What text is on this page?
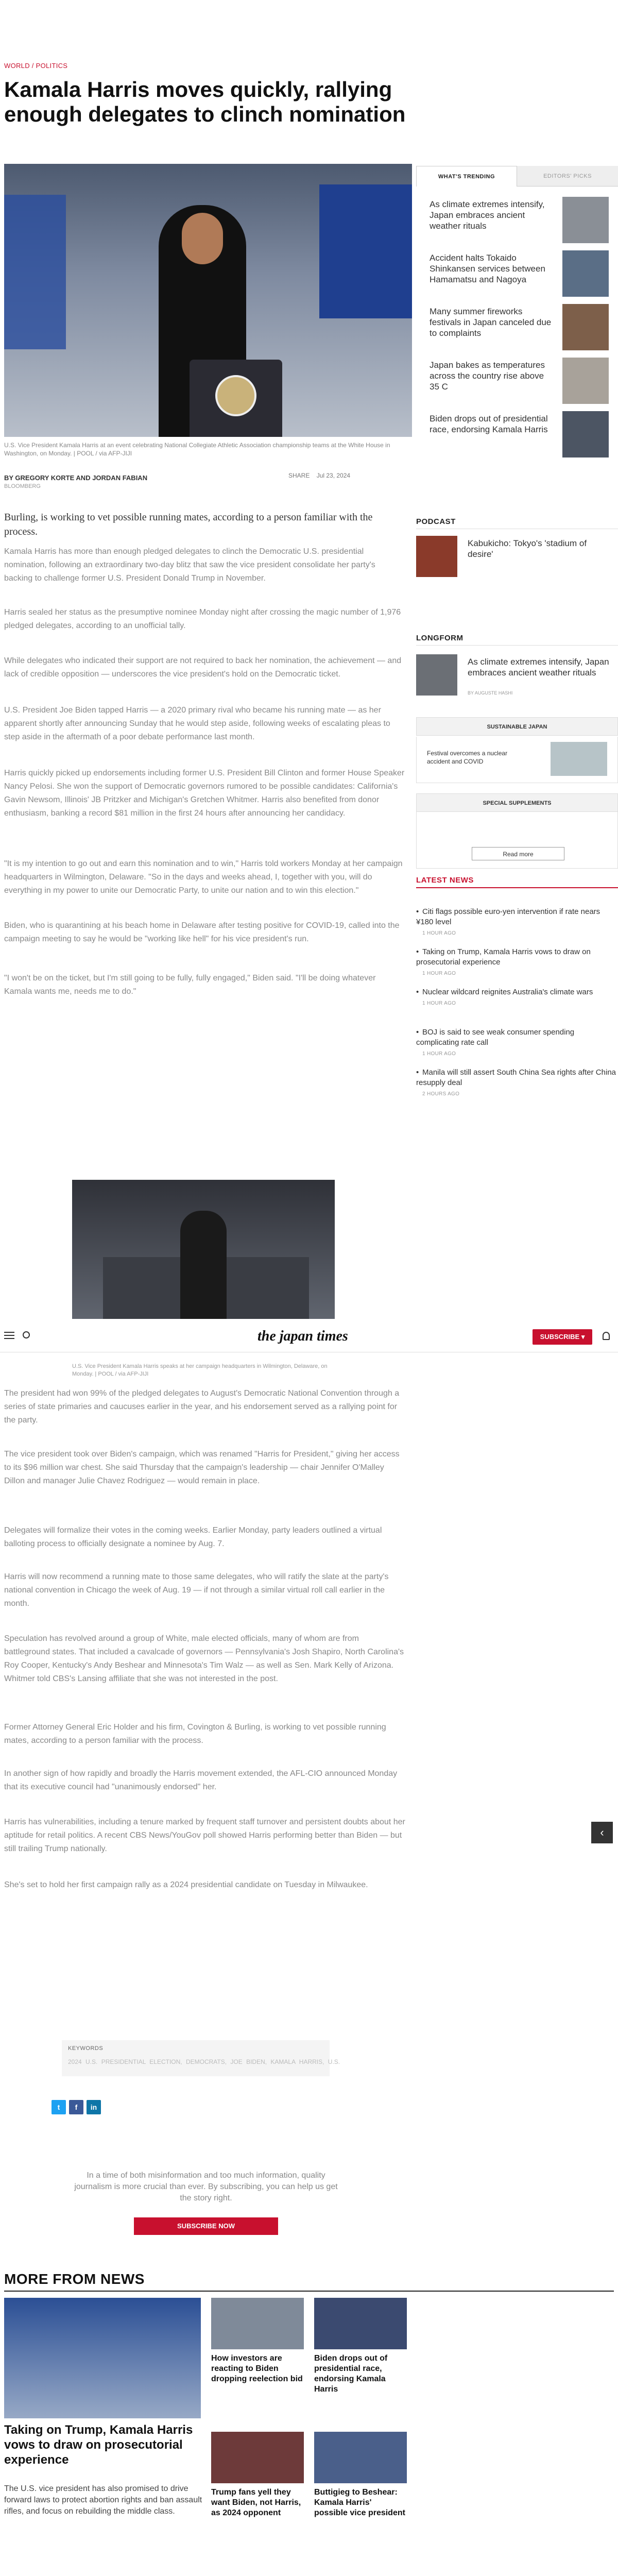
WORLD / POLITICS
Kamala Harris moves quickly, rallying enough delegates to clinch nomination
U.S. Vice President Kamala Harris at an event celebrating National Collegiate Athletic Association championship teams at the White House in Washington, on Monday. | POOL / via AFP-JIJI
BY GREGORY KORTE AND JORDAN FABIAN
BLOOMBERG
SHARE Jul 23, 2024

Burling, is working to vet possible running mates, according to a person familiar with the process.

Kamala Harris has more than enough pledged delegates to clinch the Democratic U.S. presidential nomination, following an extraordinary two-day blitz that saw the vice president consolidate her party's backing to challenge former U.S. President Donald Trump in November.

Harris sealed her status as the presumptive nominee Monday night after crossing the magic number of 1,976 pledged delegates, according to an unofficial tally.

While delegates who indicated their support are not required to back her nomination, the achievement — and lack of credible opposition — underscores the vice president's hold on the Democratic ticket.

U.S. President Joe Biden tapped Harris — a 2020 primary rival who became his running mate — as her apparent shortly after announcing Sunday that he would step aside, following weeks of escalating pleas to step aside in the aftermath of a poor debate performance last month.

Harris quickly picked up endorsements including former U.S. President Bill Clinton and former House Speaker Nancy Pelosi. She won the support of Democratic governors rumored to be possible candidates: California's Gavin Newsom, Illinois' JB Pritzker and Michigan's Gretchen Whitmer. Harris also benefited from donor enthusiasm, banking a record $81 million in the first 24 hours after announcing her candidacy.

"It is my intention to go out and earn this nomination and to win," Harris told workers Monday at her campaign headquarters in Wilmington, Delaware. "So in the days and weeks ahead, I, together with you, will do everything in my power to unite our Democratic Party, to unite our nation and to win this election."

Biden, who is quarantining at his beach home in Delaware after testing positive for COVID-19, called into the campaign meeting to say he would be "working like hell" for his vice president's run.

"I won't be on the ticket, but I'm still going to be fully, fully engaged," Biden said. "I'll be doing whatever Kamala wants me, needs me to do."

the japan times	SUBSCRIBE ▾
U.S. Vice President Kamala Harris speaks at her campaign headquarters in Wilmington, Delaware, on Monday. | POOL / via AFP-JIJI

The president had won 99% of the pledged delegates to August's Democratic National Convention through a series of state primaries and caucuses earlier in the year, and his endorsement served as a rallying point for the party.

The vice president took over Biden's campaign, which was renamed "Harris for President," giving her access to its $96 million war chest. She said Thursday that the campaign's leadership — chair Jennifer O'Malley Dillon and manager Julie Chavez Rodriguez — would remain in place.

Delegates will formalize their votes in the coming weeks. Earlier Monday, party leaders outlined a virtual balloting process to officially designate a nominee by Aug. 7.

Harris will now recommend a running mate to those same delegates, who will ratify the slate at the party's national convention in Chicago the week of Aug. 19 — if not through a similar virtual roll call earlier in the month.

Speculation has revolved around a group of White, male elected officials, many of whom are from battleground states. That included a cavalcade of governors — Pennsylvania's Josh Shapiro, North Carolina's Roy Cooper, Kentucky's Andy Beshear and Minnesota's Tim Walz — as well as Sen. Mark Kelly of Arizona. Whitmer told CBS's Lansing affiliate that she was not interested in the post.

Former Attorney General Eric Holder and his firm, Covington & Burling, is working to vet possible running mates, according to a person familiar with the process.

In another sign of how rapidly and broadly the Harris movement extended, the AFL-CIO announced Monday that its executive council had "unanimously endorsed" her.

Harris has vulnerabilities, including a tenure marked by frequent staff turnover and persistent doubts about her aptitude for retail politics. A recent CBS News/YouGov poll showed Harris performing better than Biden — but still trailing Trump nationally.

She's set to hold her first campaign rally as a 2024 presidential candidate on Tuesday in Milwaukee.

‹
WHAT'S TRENDING	EDITORS' PICKS
As climate extremes intensify, Japan embraces ancient weather rituals
Accident halts Tokaido Shinkansen services between Hamamatsu and Nagoya
Many summer fireworks festivals in Japan canceled due to complaints
Japan bakes as temperatures across the country rise above 35 C
Biden drops out of presidential race, endorsing Kamala Harris
PODCAST
Kabukicho: Tokyo's 'stadium of desire'
LONGFORM
As climate extremes intensify, Japan embraces ancient weather rituals
BY AUGUSTE HASHI
SUSTAINABLE JAPAN
Festival overcomes a nuclear accident and COVID
SPECIAL SUPPLEMENTS
Read more
LATEST NEWS
• Citi flags possible euro-yen intervention if rate nears ¥180 level
1 HOUR AGO
• Taking on Trump, Kamala Harris vows to draw on prosecutorial experience
1 HOUR AGO
• Nuclear wildcard reignites Australia's climate wars
1 HOUR AGO
• BOJ is said to see weak consumer spending complicating rate call
1 HOUR AGO
• Manila will still assert South China Sea rights after China resupply deal
2 HOURS AGO
KEYWORDS
2024 U.S. PRESIDENTIAL ELECTION, DEMOCRATS, JOE BIDEN, KAMALA HARRIS, U.S.
t	f	in
In a time of both misinformation and too much information, quality journalism is more crucial than ever. By subscribing, you can help us get the story right.
SUBSCRIBE NOW
MORE FROM NEWS
Taking on Trump, Kamala Harris vows to draw on prosecutorial experience
The U.S. vice president has also promised to drive forward laws to protect abortion rights and ban assault rifles, and focus on rebuilding the middle class.
How investors are reacting to Biden dropping reelection bid
Biden drops out of presidential race, endorsing Kamala Harris
Trump fans yell they want Biden, not Harris, as 2024 opponent
Buttigieg to Beshear: Kamala Harris' possible vice president
